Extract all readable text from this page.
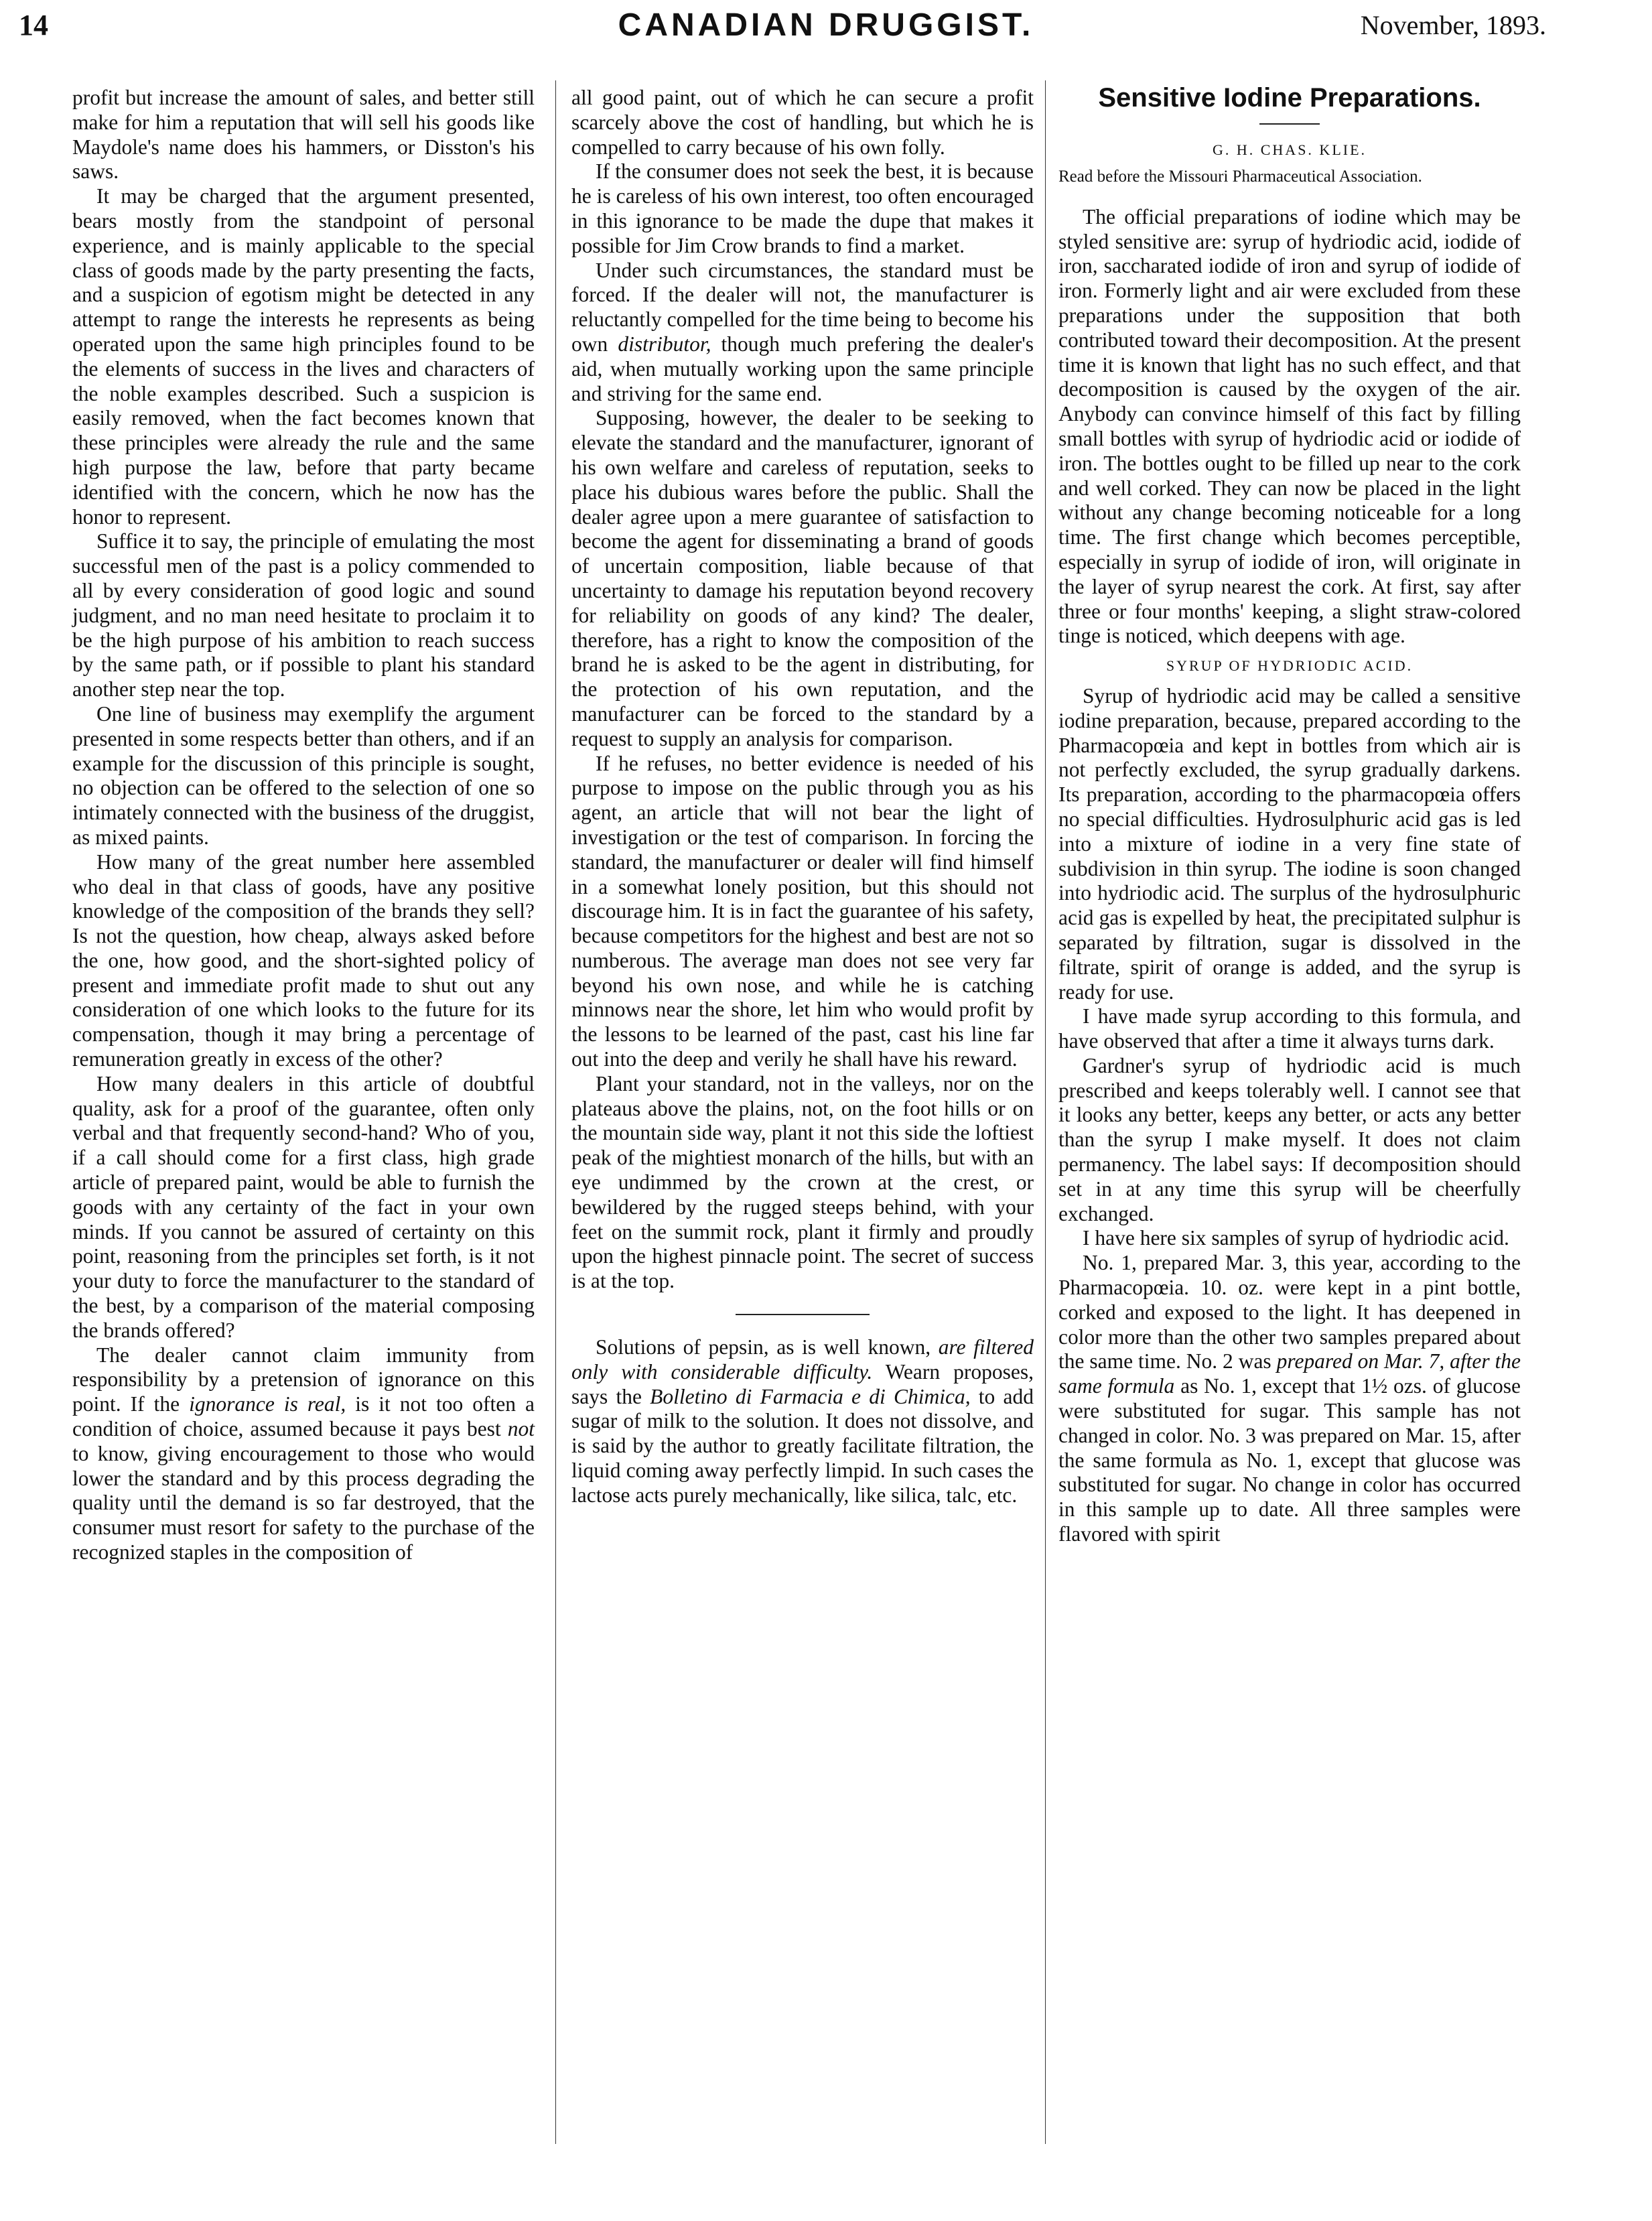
14	CANADIAN DRUGGIST.	November, 1893.

profit but increase the amount of sales, and better still make for him a reputation that will sell his goods like Maydole's name does his hammers, or Disston's his saws.

It may be charged that the argument presented, bears mostly from the standpoint of personal experience, and is mainly applicable to the special class of goods made by the party presenting the facts, and a suspicion of egotism might be detected in any attempt to range the interests he represents as being operated upon the same high principles found to be the elements of success in the lives and characters of the noble examples described. Such a suspicion is easily removed, when the fact becomes known that these principles were already the rule and the same high purpose the law, before that party became identified with the concern, which he now has the honor to represent.

Suffice it to say, the principle of emulating the most successful men of the past is a policy commended to all by every consideration of good logic and sound judgment, and no man need hesitate to proclaim it to be the high purpose of his ambition to reach success by the same path, or if possible to plant his standard another step near the top.

One line of business may exemplify the argument presented in some respects better than others, and if an example for the discussion of this principle is sought, no objection can be offered to the selection of one so intimately connected with the business of the druggist, as mixed paints.

How many of the great number here assembled who deal in that class of goods, have any positive knowledge of the composition of the brands they sell? Is not the question, how cheap, always asked before the one, how good, and the short-sighted policy of present and immediate profit made to shut out any consideration of one which looks to the future for its compensation, though it may bring a percentage of remuneration greatly in excess of the other?

How many dealers in this article of doubtful quality, ask for a proof of the guarantee, often only verbal and that frequently second-hand? Who of you, if a call should come for a first class, high grade article of prepared paint, would be able to furnish the goods with any certainty of the fact in your own minds. If you cannot be assured of certainty on this point, reasoning from the principles set forth, is it not your duty to force the manufacturer to the standard of the best, by a comparison of the material composing the brands offered?

The dealer cannot claim immunity from responsibility by a pretension of ignorance on this point. If the ignorance is real, is it not too often a condition of choice, assumed because it pays best not to know, giving encouragement to those who would lower the standard and by this process degrading the quality until the demand is so far destroyed, that the consumer must resort for safety to the purchase of the recognized staples in the composition of

all good paint, out of which he can secure a profit scarcely above the cost of handling, but which he is compelled to carry because of his own folly.

If the consumer does not seek the best, it is because he is careless of his own interest, too often encouraged in this ignorance to be made the dupe that makes it possible for Jim Crow brands to find a market.

Under such circumstances, the standard must be forced. If the dealer will not, the manufacturer is reluctantly compelled for the time being to become his own distributor, though much prefering the dealer's aid, when mutually working upon the same principle and striving for the same end.

Supposing, however, the dealer to be seeking to elevate the standard and the manufacturer, ignorant of his own welfare and careless of reputation, seeks to place his dubious wares before the public. Shall the dealer agree upon a mere guarantee of satisfaction to become the agent for disseminating a brand of goods of uncertain composition, liable because of that uncertainty to damage his reputation beyond recovery for reliability on goods of any kind? The dealer, therefore, has a right to know the composition of the brand he is asked to be the agent in distributing, for the protection of his own reputation, and the manufacturer can be forced to the standard by a request to supply an analysis for comparison.

If he refuses, no better evidence is needed of his purpose to impose on the public through you as his agent, an article that will not bear the light of investigation or the test of comparison. In forcing the standard, the manufacturer or dealer will find himself in a somewhat lonely position, but this should not discourage him. It is in fact the guarantee of his safety, because competitors for the highest and best are not so numberous. The average man does not see very far beyond his own nose, and while he is catching minnows near the shore, let him who would profit by the lessons to be learned of the past, cast his line far out into the deep and verily he shall have his reward.

Plant your standard, not in the valleys, nor on the plateaus above the plains, not, on the foot hills or on the mountain side way, plant it not this side the loftiest peak of the mightiest monarch of the hills, but with an eye undimmed by the crown at the crest, or bewildered by the rugged steeps behind, with your feet on the summit rock, plant it firmly and proudly upon the highest pinnacle point. The secret of success is at the top.

Solutions of pepsin, as is well known, are filtered only with considerable difficulty. Wearn proposes, says the Bolletino di Farmacia e di Chimica, to add sugar of milk to the solution. It does not dissolve, and is said by the author to greatly facilitate filtration, the liquid coming away perfectly limpid. In such cases the lactose acts purely mechanically, like silica, talc, etc.

Sensitive Iodine Preparations.
G. H. CHAS. KLIE.

Read before the Missouri Pharmaceutical Association.

The official preparations of iodine which may be styled sensitive are: syrup of hydriodic acid, iodide of iron, saccharated iodide of iron and syrup of iodide of iron. Formerly light and air were excluded from these preparations under the supposition that both contributed toward their decomposition. At the present time it is known that light has no such effect, and that decomposition is caused by the oxygen of the air. Anybody can convince himself of this fact by filling small bottles with syrup of hydriodic acid or iodide of iron. The bottles ought to be filled up near to the cork and well corked. They can now be placed in the light without any change becoming noticeable for a long time. The first change which becomes perceptible, especially in syrup of iodide of iron, will originate in the layer of syrup nearest the cork. At first, say after three or four months' keeping, a slight straw-colored tinge is noticed, which deepens with age.

SYRUP OF HYDRIODIC ACID.

Syrup of hydriodic acid may be called a sensitive iodine preparation, because, prepared according to the Pharmacopœia and kept in bottles from which air is not perfectly excluded, the syrup gradually darkens. Its preparation, according to the pharmacopœia offers no special difficulties. Hydrosulphuric acid gas is led into a mixture of iodine in a very fine state of subdivision in thin syrup. The iodine is soon changed into hydriodic acid. The surplus of the hydrosulphuric acid gas is expelled by heat, the precipitated sulphur is separated by filtration, sugar is dissolved in the filtrate, spirit of orange is added, and the syrup is ready for use.

I have made syrup according to this formula, and have observed that after a time it always turns dark.

Gardner's syrup of hydriodic acid is much prescribed and keeps tolerably well. I cannot see that it looks any better, keeps any better, or acts any better than the syrup I make myself. It does not claim permanency. The label says: If decomposition should set in at any time this syrup will be cheerfully exchanged.

I have here six samples of syrup of hydriodic acid.

No. 1, prepared Mar. 3, this year, according to the Pharmacopœia. 10. oz. were kept in a pint bottle, corked and exposed to the light. It has deepened in color more than the other two samples prepared about the same time. No. 2 was prepared on Mar. 7, after the same formula as No. 1, except that 1½ ozs. of glucose were substituted for sugar. This sample has not changed in color. No. 3 was prepared on Mar. 15, after the same formula as No. 1, except that glucose was substituted for sugar. No change in color has occurred in this sample up to date. All three samples were flavored with spirit
